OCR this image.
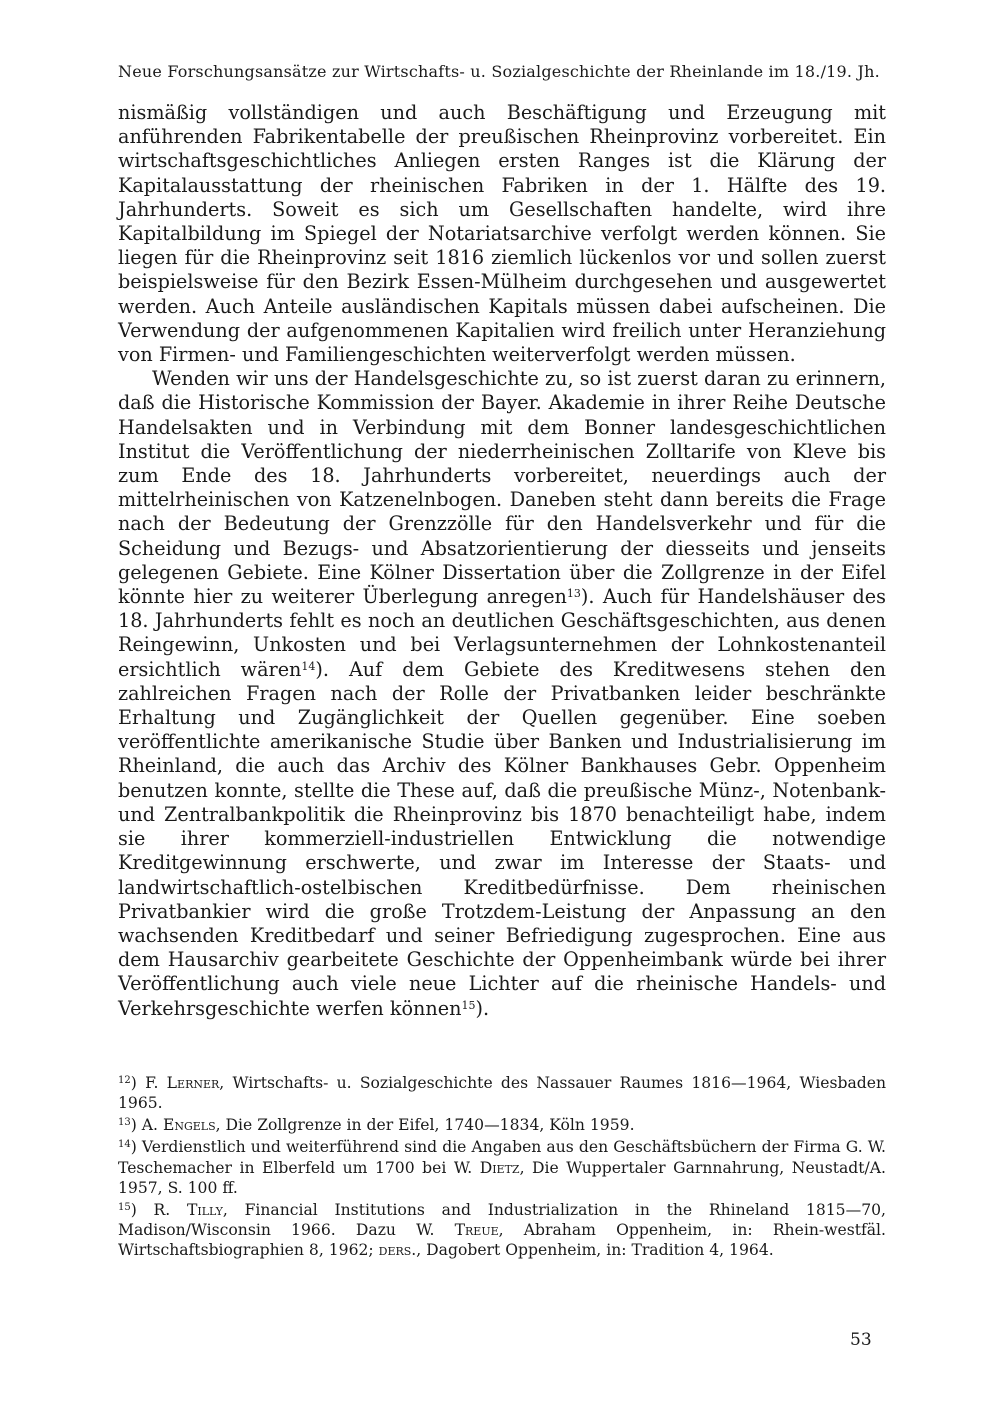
Neue Forschungsansätze zur Wirtschafts- u. Sozialgeschichte der Rheinlande im 18./19. Jh.

nismäßig vollständigen und auch Beschäftigung und Erzeugung mit anführenden Fabrikentabelle der preußischen Rheinprovinz vorbereitet. Ein wirtschaftsgeschichtliches Anliegen ersten Ranges ist die Klärung der Kapitalausstattung der rheinischen Fabriken in der 1. Hälfte des 19. Jahrhunderts. Soweit es sich um Gesellschaften handelte, wird ihre Kapitalbildung im Spiegel der Notariatsarchive verfolgt werden können. Sie liegen für die Rheinprovinz seit 1816 ziemlich lückenlos vor und sollen zuerst beispielsweise für den Bezirk Essen-Mülheim durchgesehen und ausgewertet werden. Auch Anteile ausländischen Kapitals müssen dabei aufscheinen. Die Verwendung der aufgenommenen Kapitalien wird freilich unter Heranziehung von Firmen- und Familiengeschichten weiterverfolgt werden müssen.

Wenden wir uns der Handelsgeschichte zu, so ist zuerst daran zu erinnern, daß die Historische Kommission der Bayer. Akademie in ihrer Reihe Deutsche Handelsakten und in Verbindung mit dem Bonner landesgeschichtlichen Institut die Veröffentlichung der niederrheinischen Zolltarife von Kleve bis zum Ende des 18. Jahrhunderts vorbereitet, neuerdings auch der mittelrheinischen von Katzenelnbogen. Daneben steht dann bereits die Frage nach der Bedeutung der Grenzzölle für den Handelsverkehr und für die Scheidung und Bezugs- und Absatzorientierung der diesseits und jenseits gelegenen Gebiete. Eine Kölner Dissertation über die Zollgrenze in der Eifel könnte hier zu weiterer Überlegung anregen$^{13}$). Auch für Handelshäuser des 18. Jahrhunderts fehlt es noch an deutlichen Geschäftsgeschichten, aus denen Reingewinn, Unkosten und bei Verlagsunternehmen der Lohnkostenanteil ersichtlich wären$^{14}$). Auf dem Gebiete des Kreditwesens stehen den zahlreichen Fragen nach der Rolle der Privatbanken leider beschränkte Erhaltung und Zugänglichkeit der Quellen gegenüber. Eine soeben veröffentlichte amerikanische Studie über Banken und Industrialisierung im Rheinland, die auch das Archiv des Kölner Bankhauses Gebr. Oppenheim benutzen konnte, stellte die These auf, daß die preußische Münz-, Notenbank- und Zentralbankpolitik die Rheinprovinz bis 1870 benachteiligt habe, indem sie ihrer kommerziell-industriellen Entwicklung die notwendige Kreditgewinnung erschwerte, und zwar im Interesse der Staats- und landwirtschaftlich-ostelbischen Kreditbedürfnisse. Dem rheinischen Privatbankier wird die große Trotzdem-Leistung der Anpassung an den wachsenden Kreditbedarf und seiner Befriedigung zugesprochen. Eine aus dem Hausarchiv gearbeitete Geschichte der Oppenheimbank würde bei ihrer Veröffentlichung auch viele neue Lichter auf die rheinische Handels- und Verkehrsgeschichte werfen können$^{15}$).

$^{12}$) F. Lerner, Wirtschafts- u. Sozialgeschichte des Nassauer Raumes 1816—1964, Wiesbaden 1965.
$^{13}$) A. Engels, Die Zollgrenze in der Eifel, 1740—1834, Köln 1959.
$^{14}$) Verdienstlich und weiterführend sind die Angaben aus den Geschäftsbüchern der Firma G. W. Teschemacher in Elberfeld um 1700 bei W. Dietz, Die Wuppertaler Garnnahrung, Neustadt/A. 1957, S. 100 ff.
$^{15}$) R. Tilly, Financial Institutions and Industrialization in the Rhineland 1815—70, Madison/Wisconsin 1966. Dazu W. Treue, Abraham Oppenheim, in: Rhein-westfäl. Wirtschaftsbiographien 8, 1962; ders., Dagobert Oppenheim, in: Tradition 4, 1964.
53
